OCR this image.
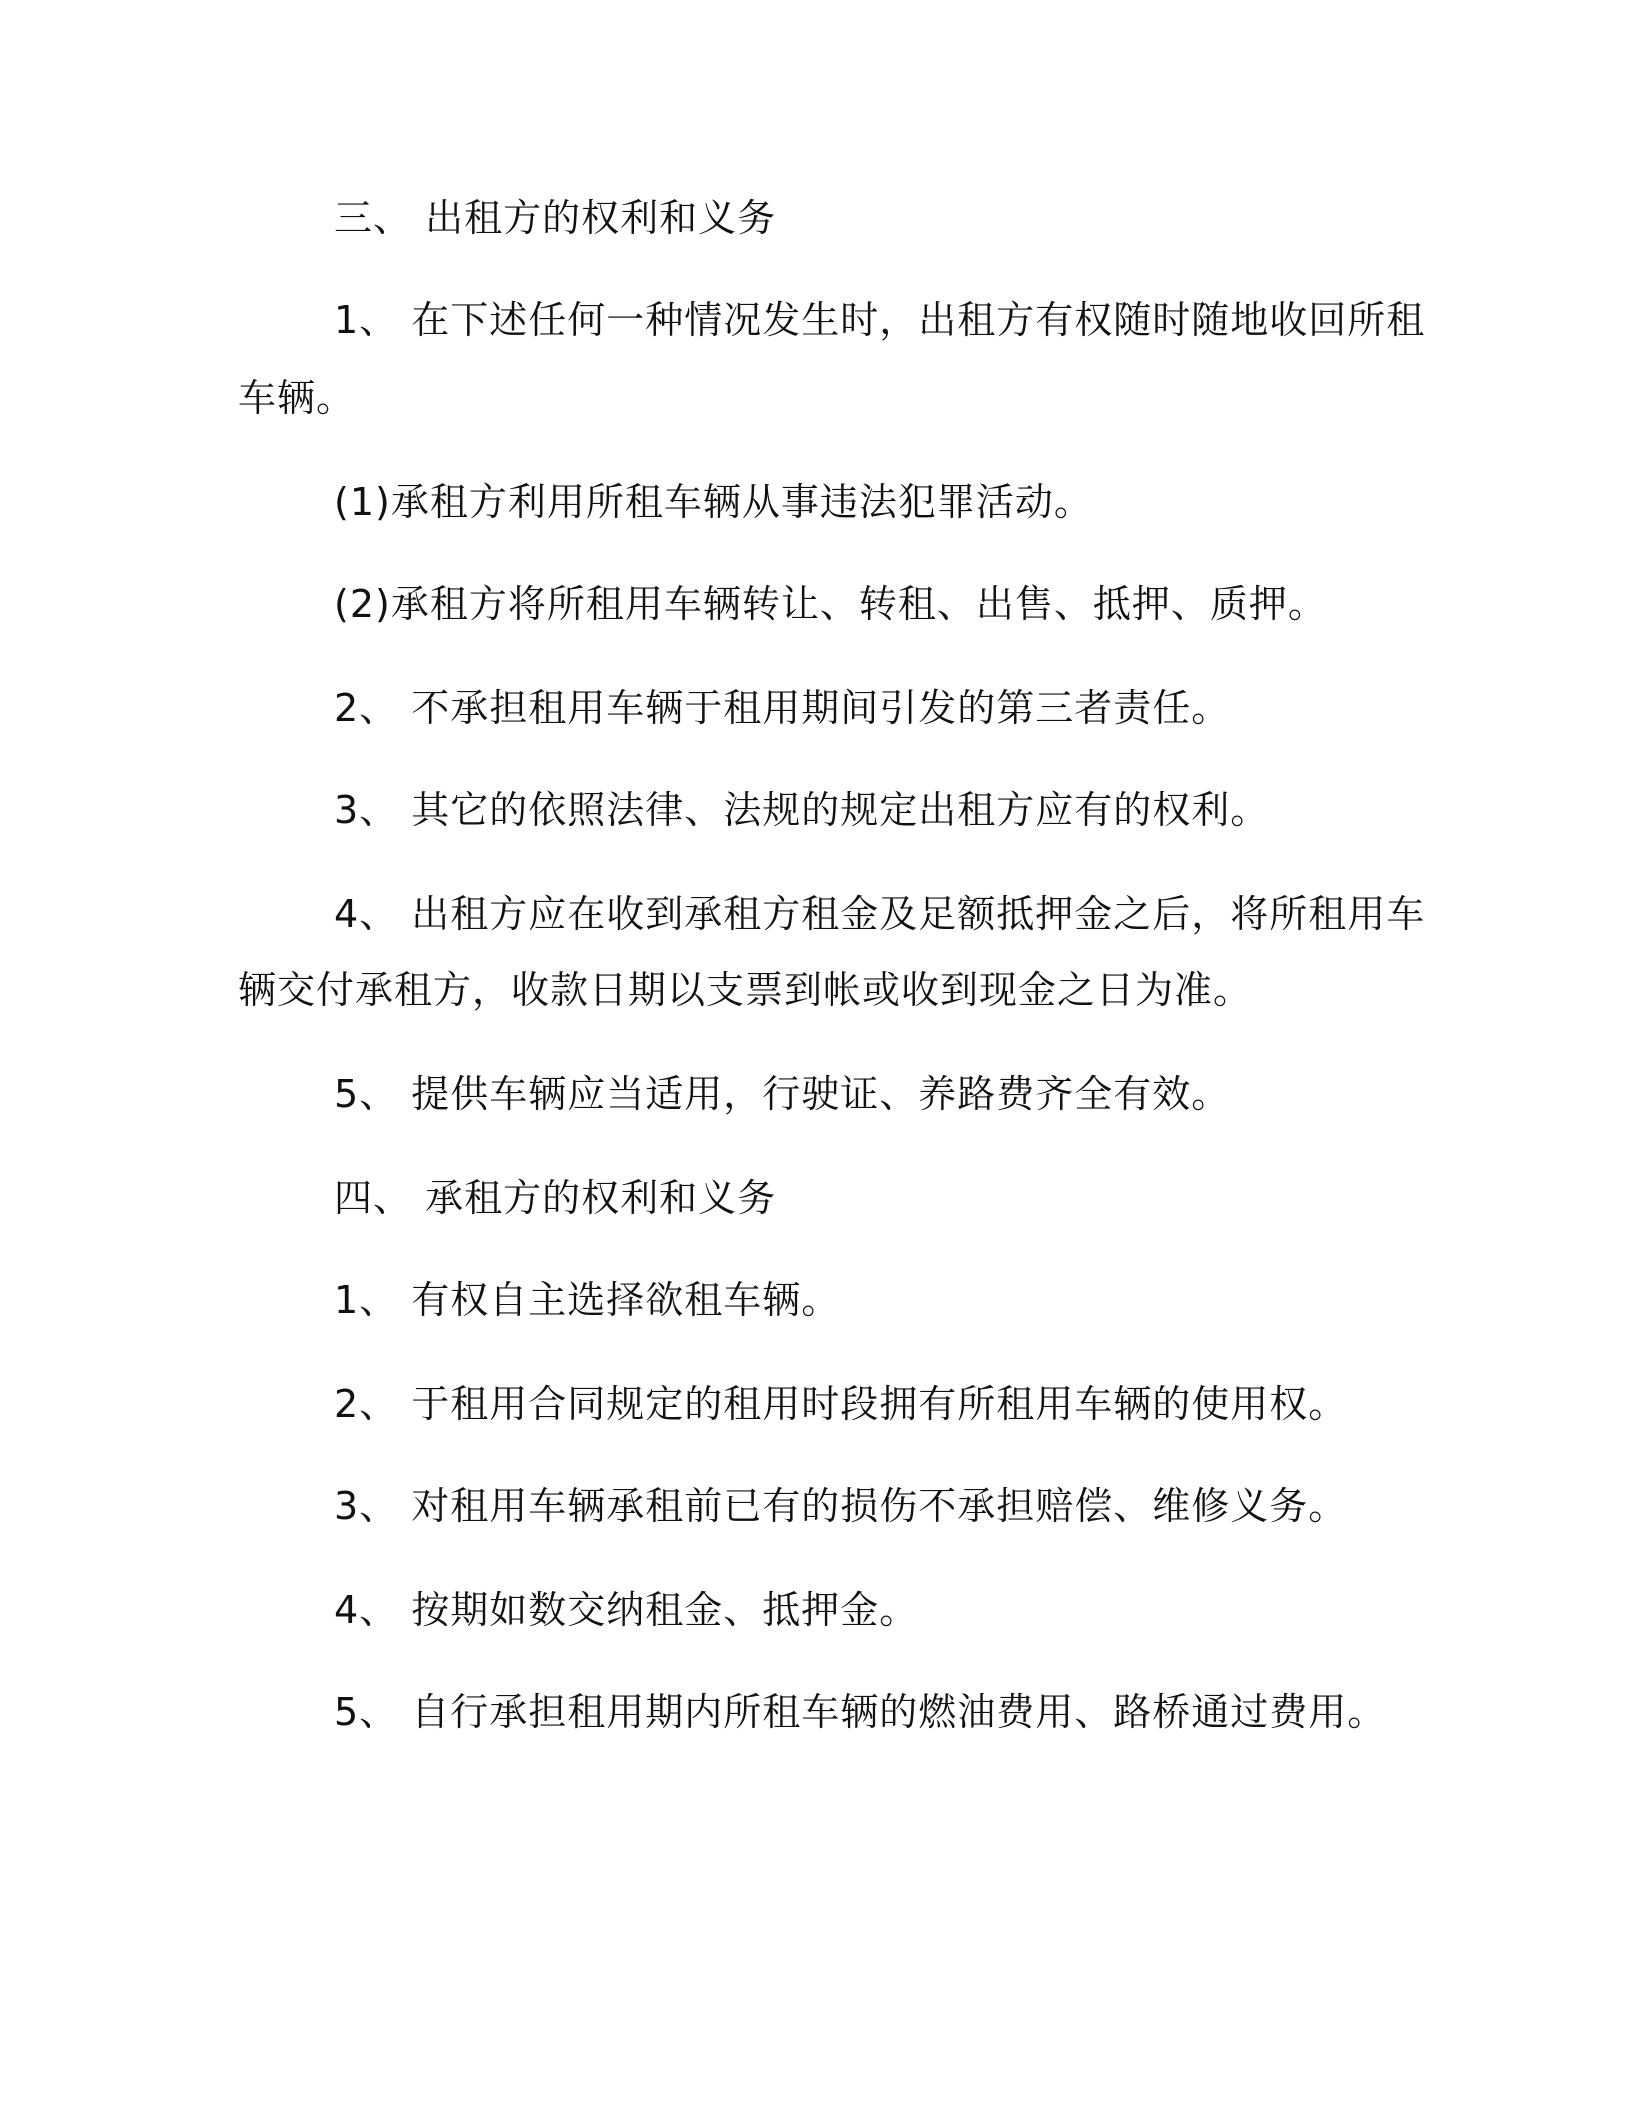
三、 出租方的权利和义务
1、 在下述任何一种情况发生时，出租方有权随时随地收回所租
车辆。
(1)承租方利用所租车辆从事违法犯罪活动。
(2)承租方将所租用车辆转让、转租、出售、抵押、质押。
2、 不承担租用车辆于租用期间引发的第三者责任。
3、 其它的依照法律、法规的规定出租方应有的权利。
4、 出租方应在收到承租方租金及足额抵押金之后，将所租用车
辆交付承租方，收款日期以支票到帐或收到现金之日为准。
5、 提供车辆应当适用，行驶证、养路费齐全有效。
四、 承租方的权利和义务
1、 有权自主选择欲租车辆。
2、 于租用合同规定的租用时段拥有所租用车辆的使用权。
3、 对租用车辆承租前已有的损伤不承担赔偿、维修义务。
4、 按期如数交纳租金、抵押金。
5、 自行承担租用期内所租车辆的燃油费用、路桥通过费用。
